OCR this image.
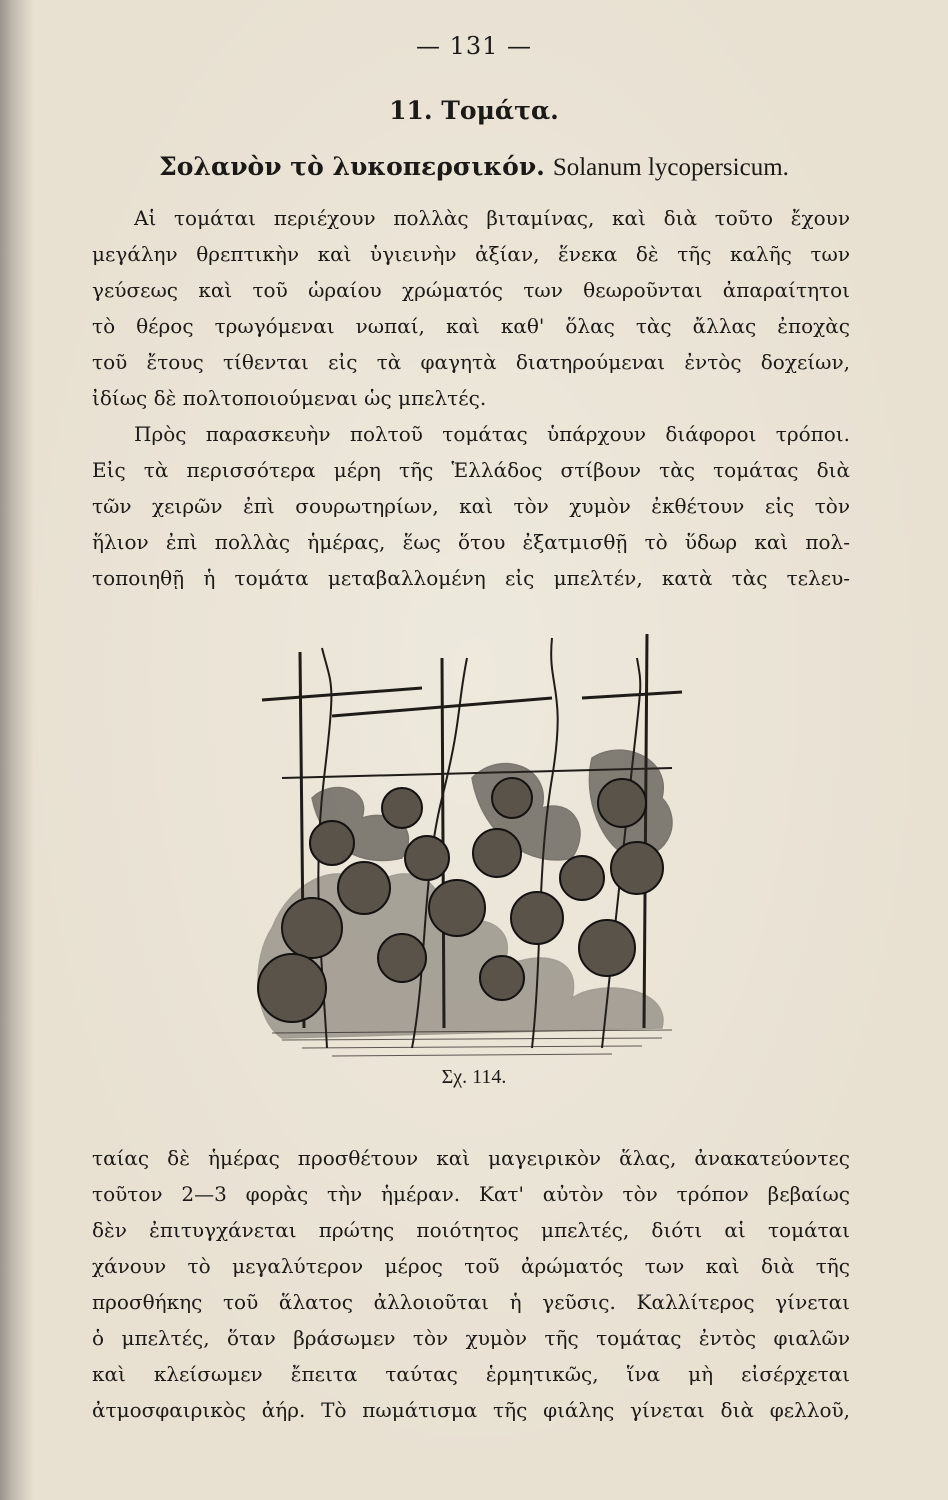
— 131 —
11. Τομάτα.
Σολανὸν τὸ λυκοπερσικόν. Solanum lycopersicum.
Αἱ τομάται περιέχουν πολλὰς βιταμίνας, καὶ διὰ τοῦτο ἔχουν
μεγάλην θρεπτικὴν καὶ ὑγιεινὴν ἀξίαν, ἕνεκα δὲ τῆς καλῆς των
γεύσεως καὶ τοῦ ὡραίου χρώματός των θεωροῦνται ἀπαραίτητοι
τὸ θέρος τρωγόμεναι νωπαί, καὶ καθ' ὅλας τὰς ἄλλας ἐποχὰς
τοῦ ἔτους τίθενται εἰς τὰ φαγητὰ διατηρούμεναι ἐντὸς δοχείων,
ἰδίως δὲ πολτοποιούμεναι ὡς μπελτές.
Πρὸς παρασκευὴν πολτοῦ τομάτας ὑπάρχουν διάφοροι τρόποι.
Εἰς τὰ περισσότερα μέρη τῆς Ἑλλάδος στίβουν τὰς τομάτας διὰ
τῶν χειρῶν ἐπὶ σουρωτηρίων, καὶ τὸν χυμὸν ἐκθέτουν εἰς τὸν
ἥλιον ἐπὶ πολλὰς ἡμέρας, ἕως ὅτου ἐξατμισθῇ τὸ ὕδωρ καὶ πολ-
τοποιηθῇ ἡ τομάτα μεταβαλλομένη εἰς μπελτέν, κατὰ τὰς τελευ-
Σχ. 114.
ταίας δὲ ἡμέρας προσθέτουν καὶ μαγειρικὸν ἅλας, ἀνακατεύοντες
τοῦτον 2—3 φορὰς τὴν ἡμέραν. Κατ' αὐτὸν τὸν τρόπον βεβαίως
δὲν ἐπιτυγχάνεται πρώτης ποιότητος μπελτές, διότι αἱ τομάται
χάνουν τὸ μεγαλύτερον μέρος τοῦ ἀρώματός των καὶ διὰ τῆς
προσθήκης τοῦ ἅλατος ἀλλοιοῦται ἡ γεῦσις. Καλλίτερος γίνεται
ὁ μπελτές, ὅταν βράσωμεν τὸν χυμὸν τῆς τομάτας ἐντὸς φιαλῶν
καὶ κλείσωμεν ἔπειτα ταύτας ἑρμητικῶς, ἵνα μὴ εἰσέρχεται
ἀτμοσφαιρικὸς ἀήρ. Τὸ πωμάτισμα τῆς φιάλης γίνεται διὰ φελλοῦ,
